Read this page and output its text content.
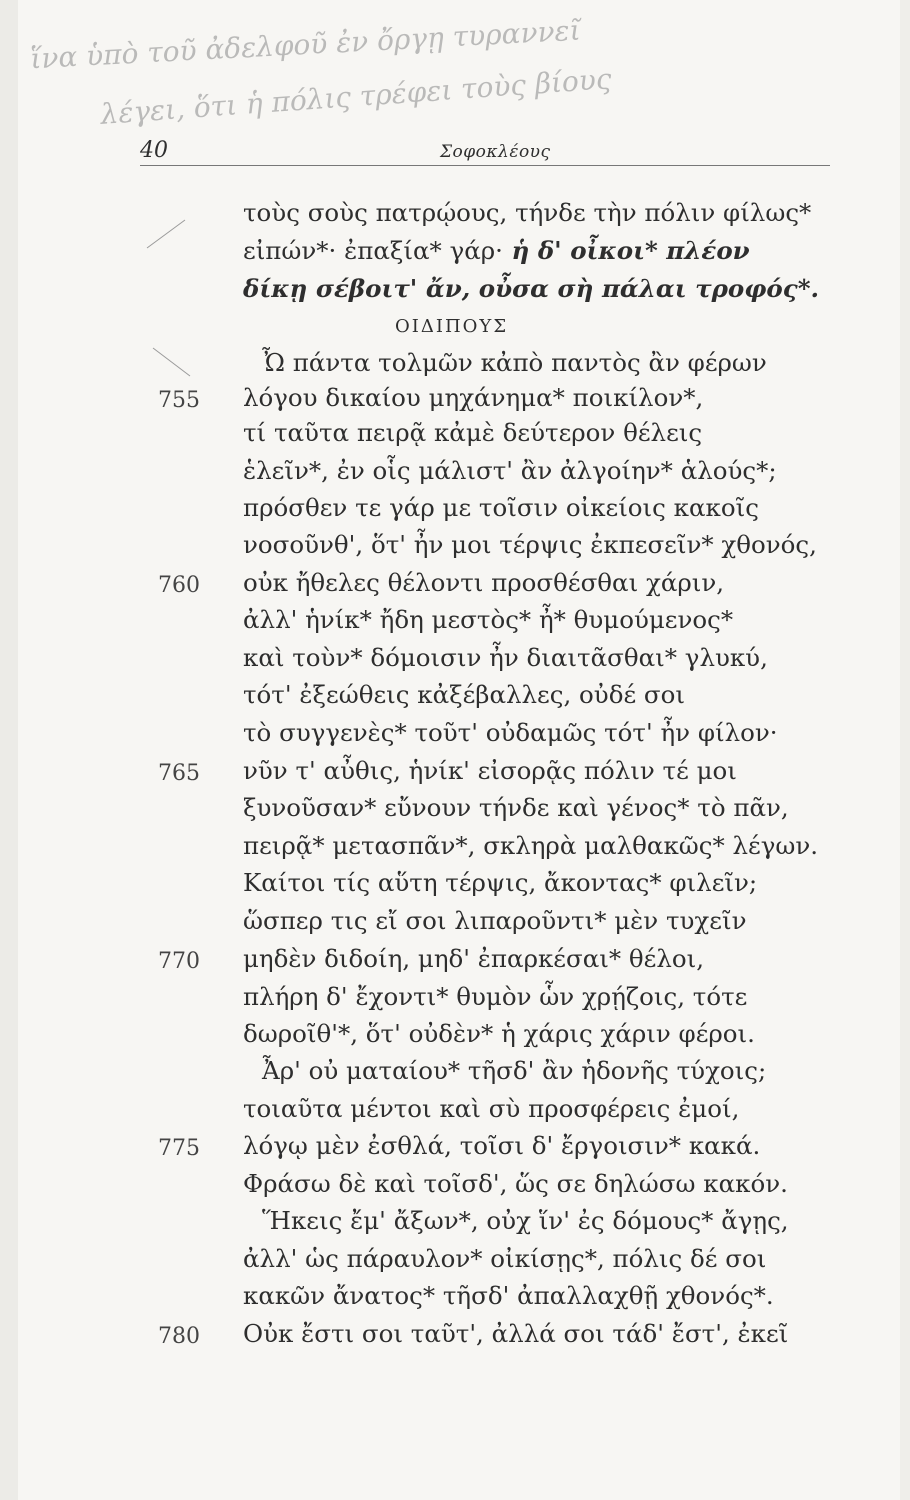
ἵνα ὑπὸ τοῦ ἀδελφοῦ ἐν ὄργῃ τυραννεῖ
λέγει, ὅτι ἡ πόλις τρέφει τοὺς βίους
40	Σοφοκλέους
ΟΙΔΙΠΟΥΣ
τοὺς σοὺς πατρῴους, τήνδε τὴν πόλιν φίλως*
εἰπών*· ἐπαξία* γάρ· ἡ δ' οἶκοι* πλέον
δίκῃ σέβοιτ' ἄν, οὖσα σὴ πάλαι τροφός*.
Ὦ πάντα τολμῶν κἀπὸ παντὸς ἂν φέρων
λόγου δικαίου μηχάνημα* ποικίλον*,
755
τί ταῦτα πειρᾷ κἀμὲ δεύτερον θέλεις
ἑλεῖν*, ἐν οἷς μάλιστ' ἂν ἀλγοίην* ἁλούς*;
πρόσθεν τε γάρ με τοῖσιν οἰκείοις κακοῖς
νοσοῦνθ', ὅτ' ἦν μοι τέρψις ἐκπεσεῖν* χθονός,
οὐκ ἤθελες θέλοντι προσθέσθαι χάριν,
760
ἀλλ' ἡνίκ* ἤδη μεστὸς* ἦ* θυμούμενος*
καὶ τοὺν* δόμοισιν ἦν διαιτᾶσθαι* γλυκύ,
τότ' ἐξεώθεις κἀξέβαλλες, οὐδέ σοι
τὸ συγγενὲς* τοῦτ' οὐδαμῶς τότ' ἦν φίλον·
νῦν τ' αὖθις, ἡνίκ' εἰσορᾷς πόλιν τέ μοι
765
ξυνοῦσαν* εὔνουν τήνδε καὶ γένος* τὸ πᾶν,
πειρᾷ* μετασπᾶν*, σκληρὰ μαλθακῶς* λέγων.
Καίτοι τίς αὕτη τέρψις, ἄκοντας* φιλεῖν;
ὥσπερ τις εἴ σοι λιπαροῦντι* μὲν τυχεῖν
μηδὲν διδοίη, μηδ' ἐπαρκέσαι* θέλοι,
770
πλήρη δ' ἔχοντι* θυμὸν ὧν χρῄζοις, τότε
δωροῖθ'*, ὅτ' οὐδὲν* ἡ χάρις χάριν φέροι.
Ἆρ' οὐ ματαίου* τῆσδ' ἂν ἡδονῆς τύχοις;
τοιαῦτα μέντοι καὶ σὺ προσφέρεις ἐμοί,
λόγῳ μὲν ἐσθλά, τοῖσι δ' ἔργοισιν* κακά.
775
Φράσω δὲ καὶ τοῖσδ', ὥς σε δηλώσω κακόν.
Ἥκεις ἔμ' ἄξων*, οὐχ ἵν' ἐς δόμους* ἄγῃς,
ἀλλ' ὡς πάραυλον* οἰκίσῃς*, πόλις δέ σοι
κακῶν ἄνατος* τῆσδ' ἀπαλλαχθῇ χθονός*.
Οὐκ ἔστι σοι ταῦτ', ἀλλά σοι τάδ' ἔστ', ἐκεῖ
780
